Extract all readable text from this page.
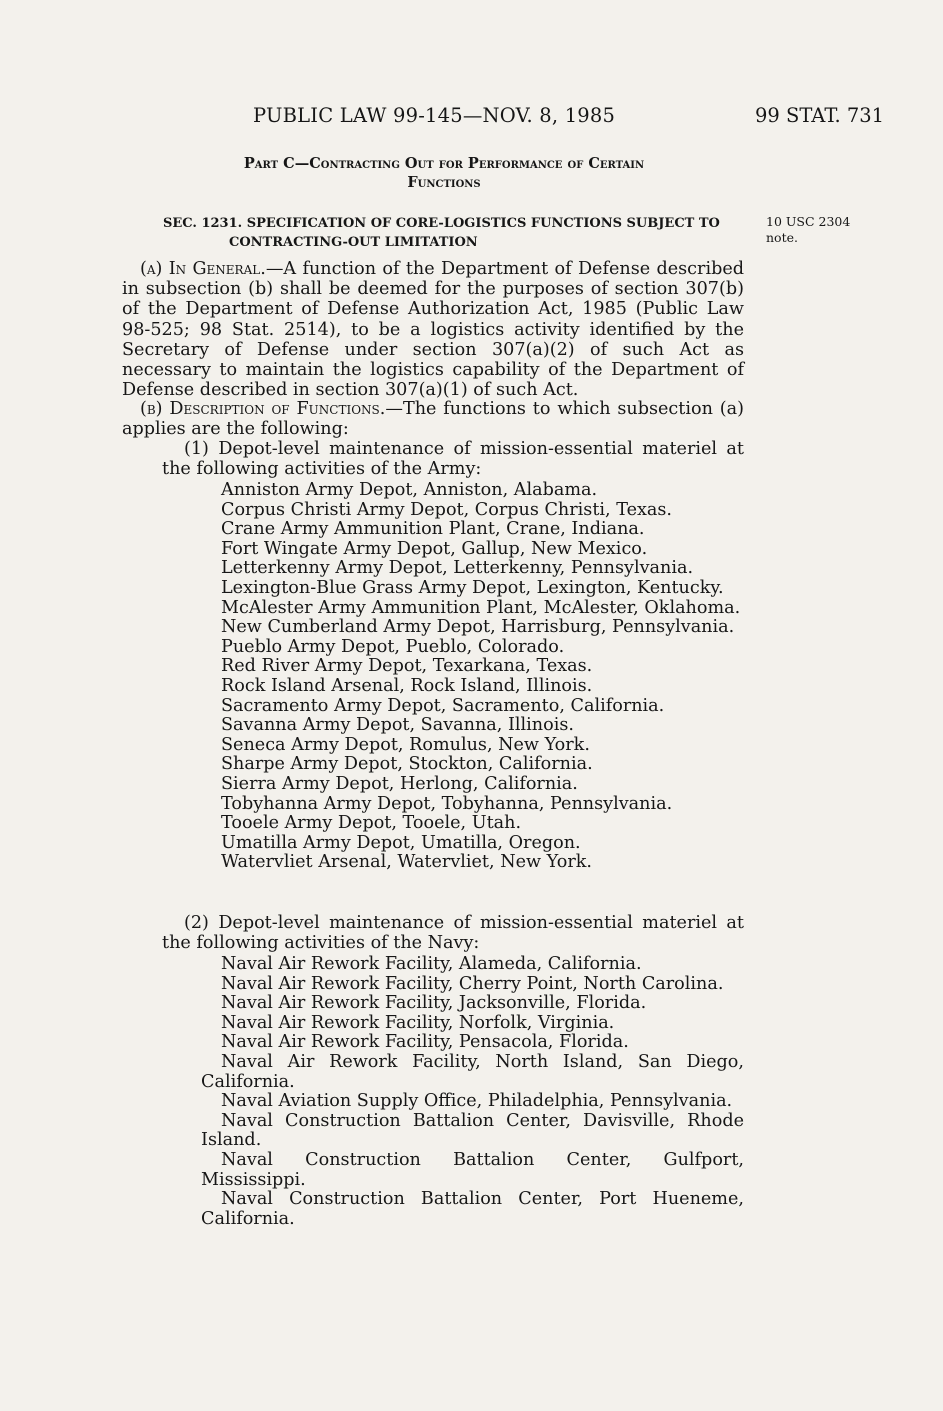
PUBLIC LAW 99-145—NOV. 8, 1985	99 STAT. 731
Part C—Contracting Out for Performance of Certain
Functions
SEC. 1231. SPECIFICATION OF CORE-LOGISTICS FUNCTIONS SUBJECT TO
CONTRACTING-OUT LIMITATION
10 USC 2304
note.
(a) In General.—A function of the Department of Defense described in subsection (b) shall be deemed for the purposes of section 307(b) of the Department of Defense Authorization Act, 1985 (Public Law 98-525; 98 Stat. 2514), to be a logistics activity identified by the Secretary of Defense under section 307(a)(2) of such Act as necessary to maintain the logistics capability of the Department of Defense described in section 307(a)(1) of such Act.
(b) Description of Functions.—The functions to which subsection (a) applies are the following:
(1) Depot-level maintenance of mission-essential materiel at the following activities of the Army:
Anniston Army Depot, Anniston, Alabama.
Corpus Christi Army Depot, Corpus Christi, Texas.
Crane Army Ammunition Plant, Crane, Indiana.
Fort Wingate Army Depot, Gallup, New Mexico.
Letterkenny Army Depot, Letterkenny, Pennsylvania.
Lexington-Blue Grass Army Depot, Lexington, Kentucky.
McAlester Army Ammunition Plant, McAlester, Oklahoma.
New Cumberland Army Depot, Harrisburg, Pennsylvania.
Pueblo Army Depot, Pueblo, Colorado.
Red River Army Depot, Texarkana, Texas.
Rock Island Arsenal, Rock Island, Illinois.
Sacramento Army Depot, Sacramento, California.
Savanna Army Depot, Savanna, Illinois.
Seneca Army Depot, Romulus, New York.
Sharpe Army Depot, Stockton, California.
Sierra Army Depot, Herlong, California.
Tobyhanna Army Depot, Tobyhanna, Pennsylvania.
Tooele Army Depot, Tooele, Utah.
Umatilla Army Depot, Umatilla, Oregon.
Watervliet Arsenal, Watervliet, New York.
(2) Depot-level maintenance of mission-essential materiel at the following activities of the Navy:
Naval Air Rework Facility, Alameda, California.
Naval Air Rework Facility, Cherry Point, North Carolina.
Naval Air Rework Facility, Jacksonville, Florida.
Naval Air Rework Facility, Norfolk, Virginia.
Naval Air Rework Facility, Pensacola, Florida.
Naval Air Rework Facility, North Island, San Diego, California.
Naval Aviation Supply Office, Philadelphia, Pennsylvania.
Naval Construction Battalion Center, Davisville, Rhode Island.
Naval Construction Battalion Center, Gulfport, Mississippi.
Naval Construction Battalion Center, Port Hueneme, California.
